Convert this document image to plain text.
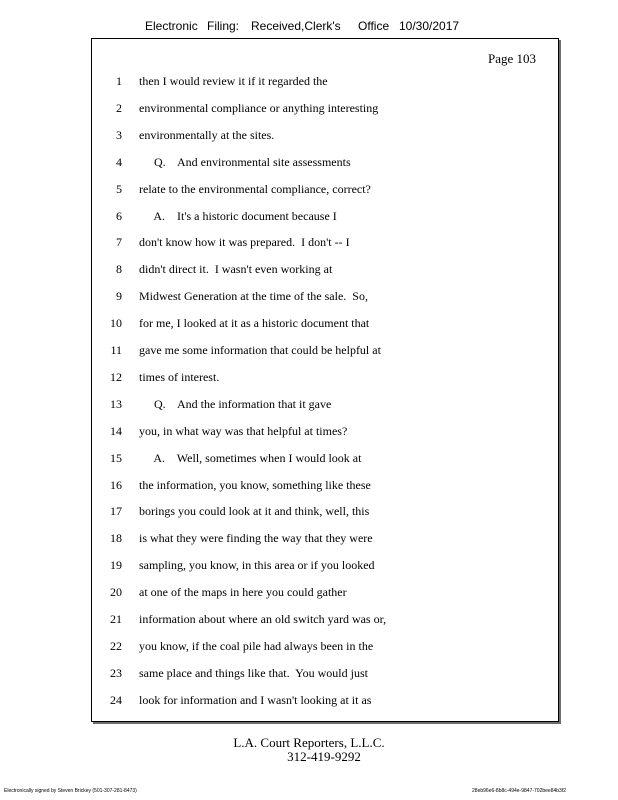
Electronic Filing: Received,Clerk's Office 10/30/2017
Page 103
1 then I would review it if it regarded the
2 environmental compliance or anything interesting
3 environmentally at the sites.
4 Q.    And environmental site assessments
5 relate to the environmental compliance, correct?
6 A.    It's a historic document because I
7 don't know how it was prepared.  I don't -- I
8 didn't direct it.  I wasn't even working at
9 Midwest Generation at the time of the sale.  So,
10 for me, I looked at it as a historic document that
11 gave me some information that could be helpful at
12 times of interest.
13 Q.    And the information that it gave
14 you, in what way was that helpful at times?
15 A.    Well, sometimes when I would look at
16 the information, you know, something like these
17 borings you could look at it and think, well, this
18 is what they were finding the way that they were
19 sampling, you know, in this area or if you looked
20 at one of the maps in here you could gather
21 information about where an old switch yard was or,
22 you know, if the coal pile had always been in the
23 same place and things like that.  You would just
24 look for information and I wasn't looking at it as
L.A. Court Reporters, L.L.C.
312-419-9292
Electronically signed by Steven Brickey (501-307-281-8473)	28eb96e6-8b8c-494e-9847-702bee84b3f2
